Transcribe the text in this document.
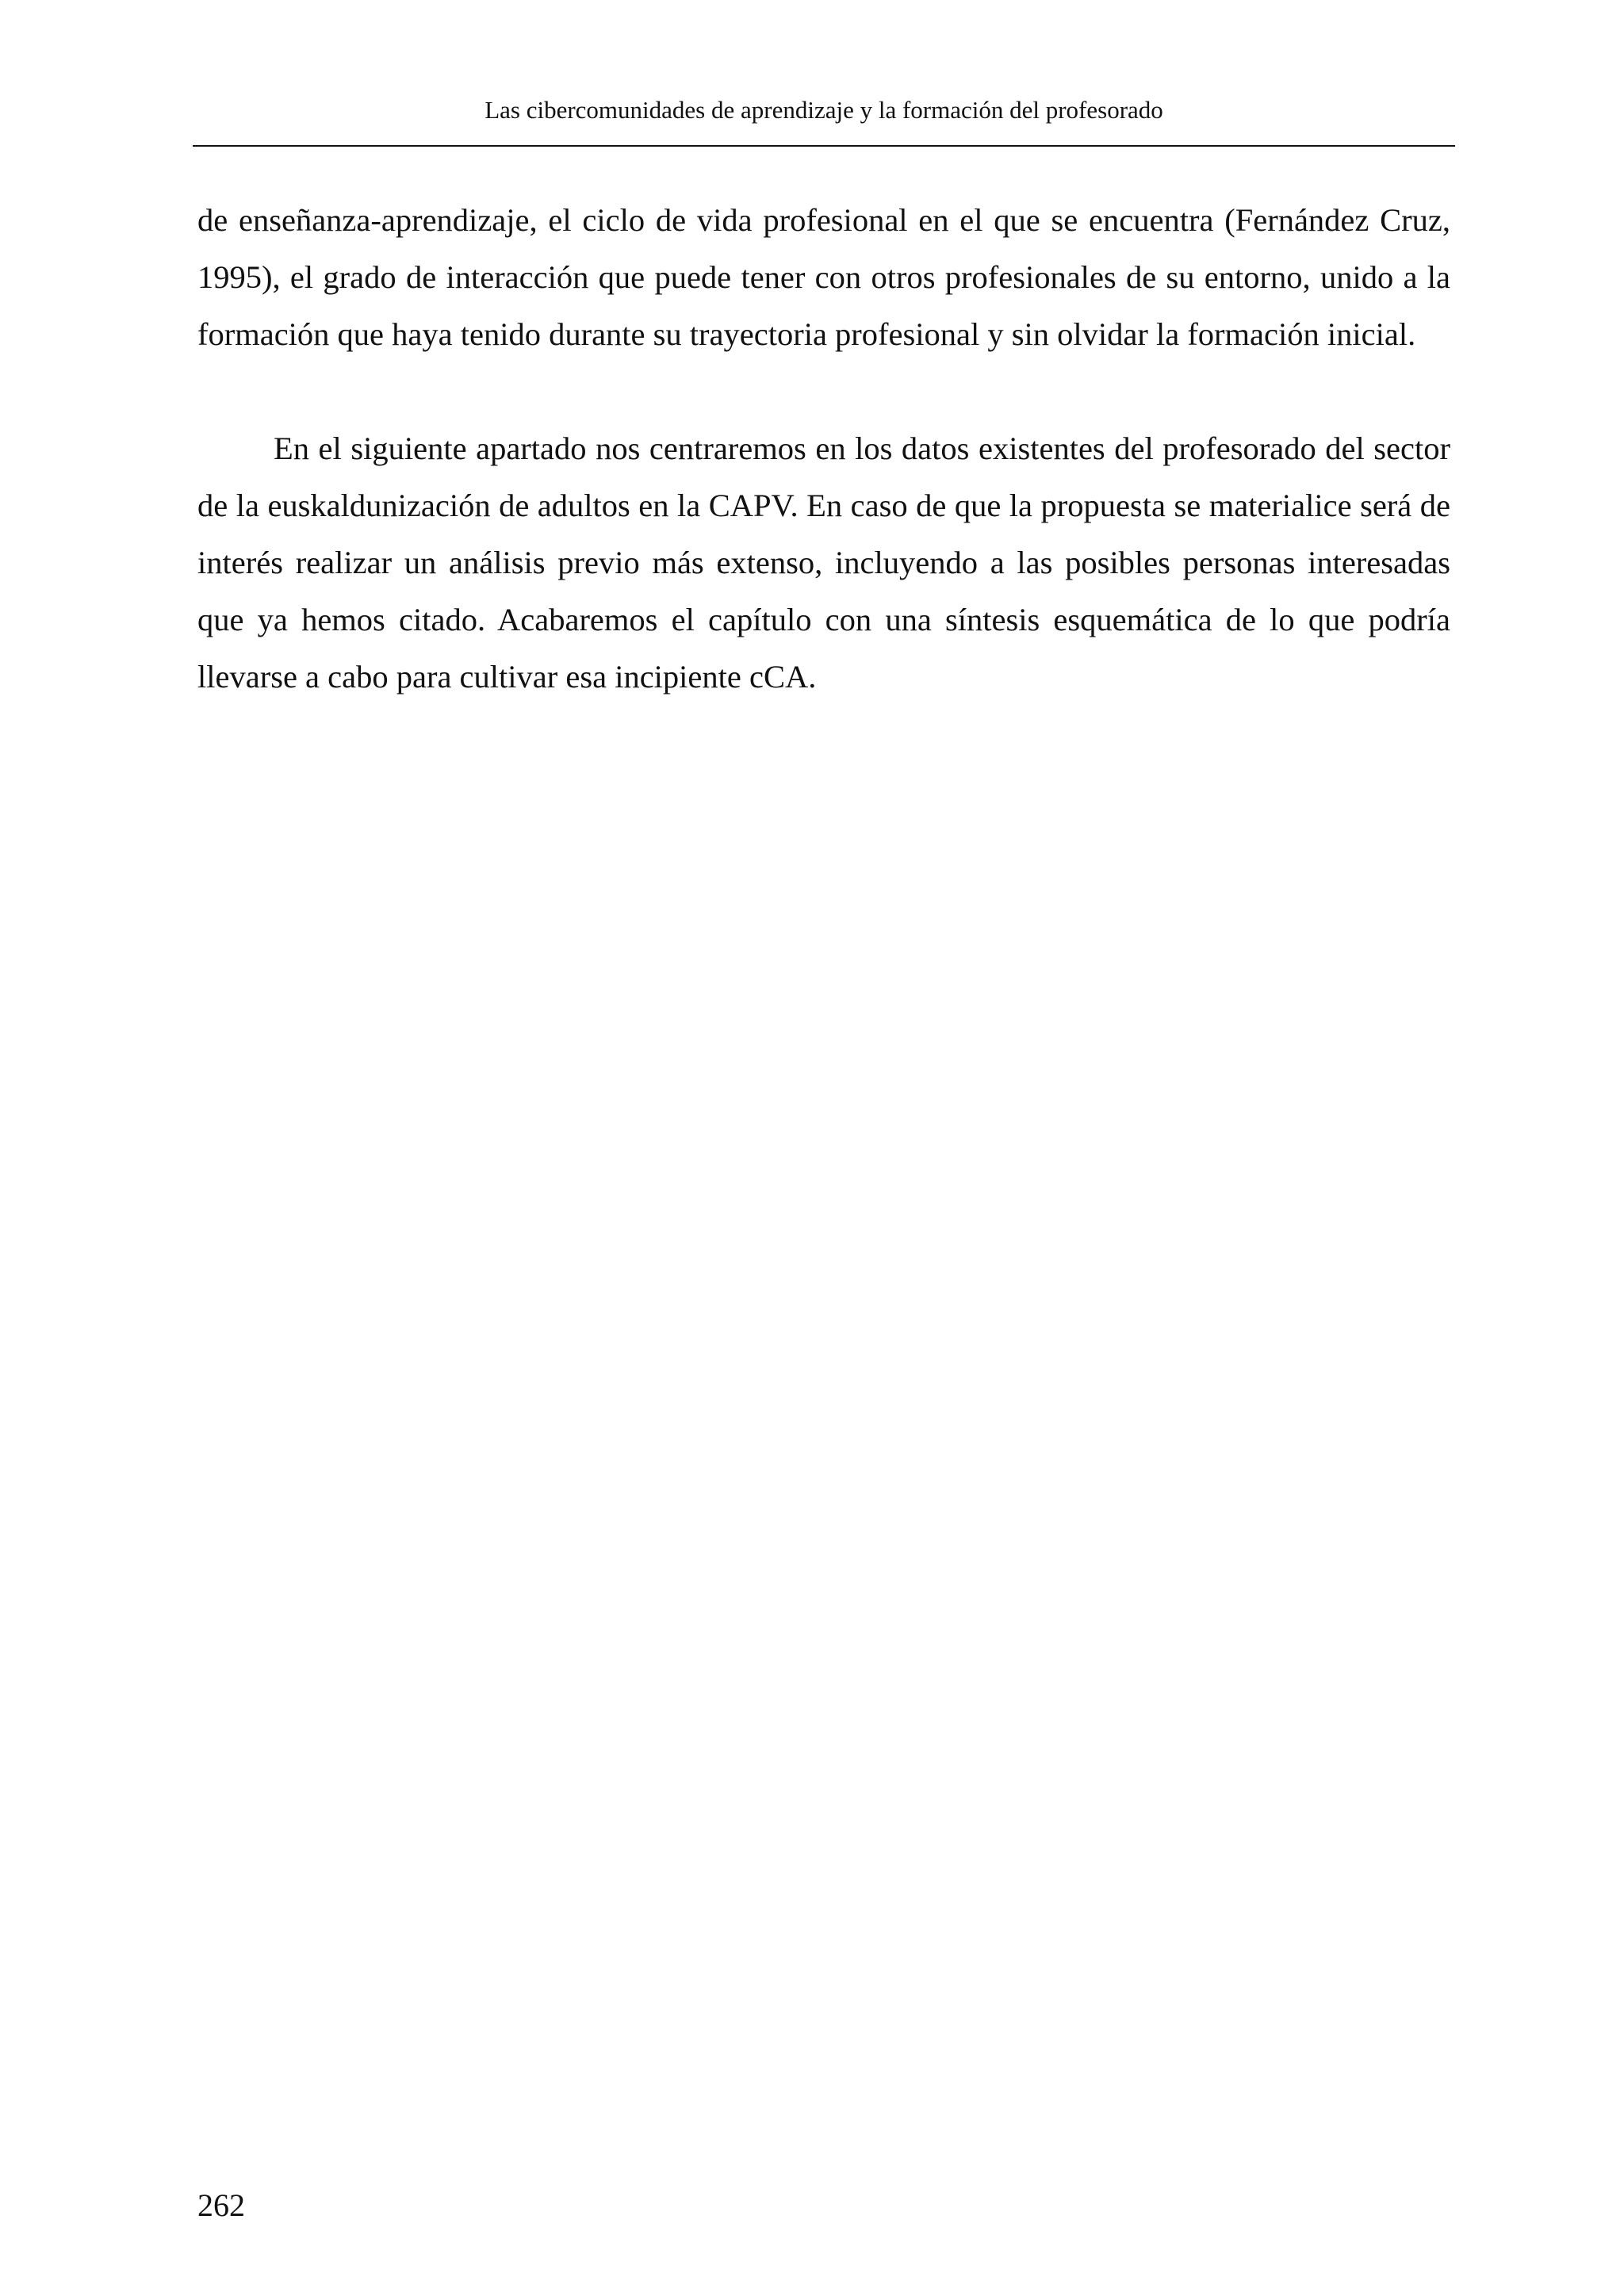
Las cibercomunidades de aprendizaje y la formación del profesorado

de enseñanza-aprendizaje, el ciclo de vida profesional en el que se encuentra (Fernández Cruz, 1995), el grado de interacción que puede tener con otros profesionales de su entorno, unido a la formación que haya tenido durante su trayectoria profesional y sin olvidar la formación inicial.

En el siguiente apartado nos centraremos en los datos existentes del profesorado del sector de la euskaldunización de adultos en la CAPV. En caso de que la propuesta se materialice será de interés realizar un análisis previo más extenso, incluyendo a las posibles personas interesadas que ya hemos citado. Acabaremos el capítulo con una síntesis esquemática de lo que podría llevarse a cabo para cultivar esa incipiente cCA.

262
